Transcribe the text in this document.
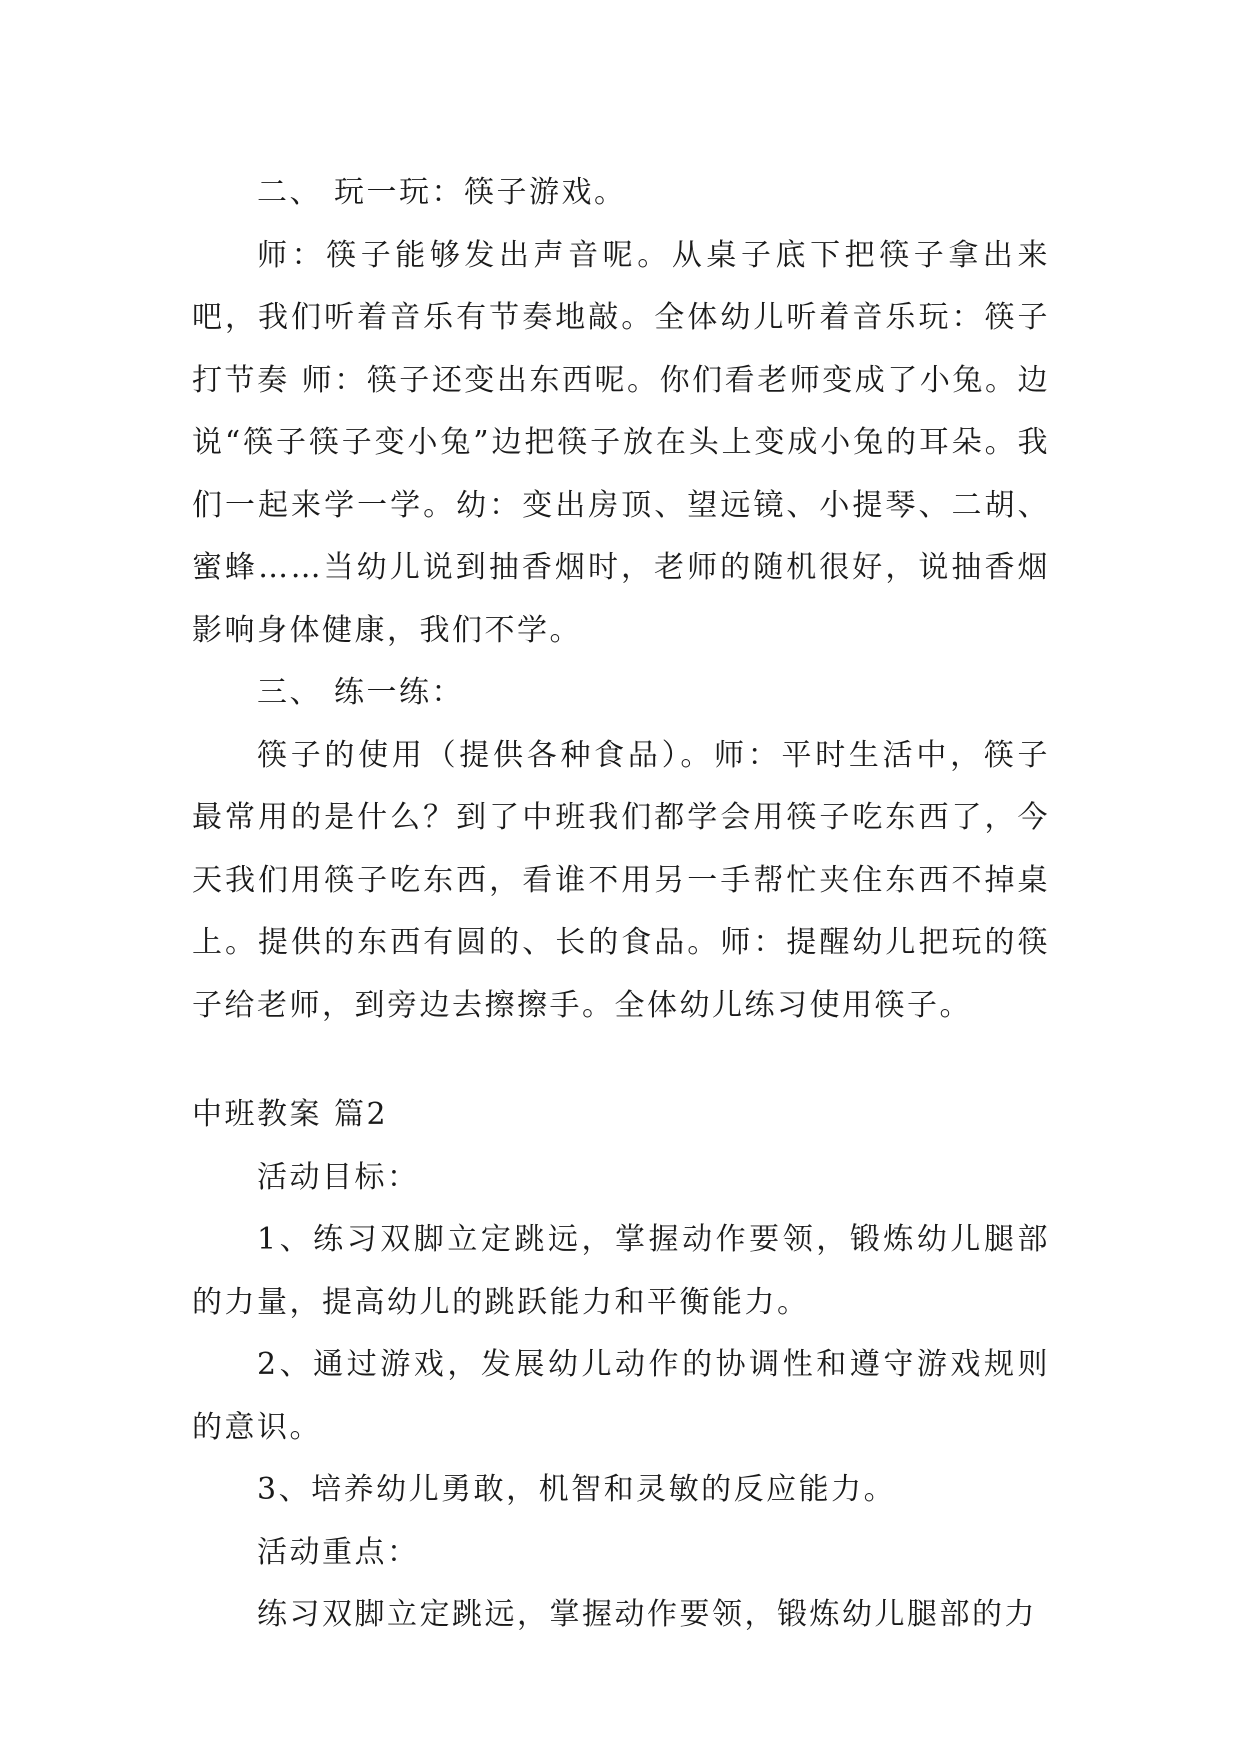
二、 玩一玩：筷子游戏。

师：筷子能够发出声音呢。从桌子底下把筷子拿出来吧，我们听着音乐有节奏地敲。全体幼儿听着音乐玩：筷子打节奏 师：筷子还变出东西呢。你们看老师变成了小兔。边说“筷子筷子变小兔”边把筷子放在头上变成小兔的耳朵。我们一起来学一学。幼：变出房顶、望远镜、小提琴、二胡、蜜蜂……当幼儿说到抽香烟时，老师的随机很好，说抽香烟影响身体健康，我们不学。

三、 练一练：

筷子的使用（提供各种食品）。师：平时生活中，筷子最常用的是什么？到了中班我们都学会用筷子吃东西了，今天我们用筷子吃东西，看谁不用另一手帮忙夹住东西不掉桌上。提供的东西有圆的、长的食品。师：提醒幼儿把玩的筷子给老师，到旁边去擦擦手。全体幼儿练习使用筷子。

中班教案 篇2

活动目标：

1、练习双脚立定跳远，掌握动作要领，锻炼幼儿腿部的力量，提高幼儿的跳跃能力和平衡能力。

2、通过游戏，发展幼儿动作的协调性和遵守游戏规则的意识。

3、培养幼儿勇敢，机智和灵敏的反应能力。

活动重点：

练习双脚立定跳远，掌握动作要领，锻炼幼儿腿部的力
